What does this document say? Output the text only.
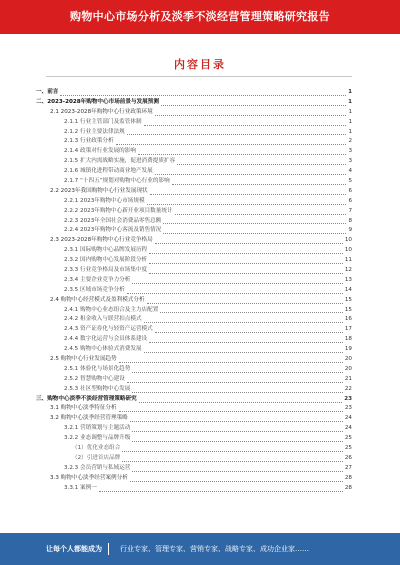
购物中心市场分析及淡季不淡经营管理策略研究报告
内容目录
一、前言	1
二、2023-2028年购物中心市场前景与发展预测	1
2.1 2023-2028年购物中心行业政策环境	1
2.1.1 行业主管部门及监管体制	1
2.1.2 行业主要法律法规	1
2.1.3 行业政策分析	2
2.1.4 政策对行业发展的影响	3
2.1.5 扩大内需战略实施，促进消费提质扩容	3
2.1.6 城镇化进程带动商业地产发展	4
2.1.7 “十四五”规划对购物中心行业的影响	5
2.2 2023年我国购物中心行业发展现状	6
2.2.1 2023年购物中心市场规模	6
2.2.2 2023年购物中心新开业项目数量统计	7
2.2.3 2023年全国社会消费品零售总额	8
2.2.4 2023年购物中心客流及销售情况	9
2.3 2023-2028年购物中心行业竞争格局	10
2.3.1 国际购物中心品牌发展历程	10
2.3.2 国内购物中心发展阶段分析	11
2.3.3 行业竞争格局及市场集中度	12
2.3.4 主要企业竞争力分析	13
2.3.5 区域市场竞争分析	14
2.4 购物中心经营模式及盈利模式分析	15
2.4.1 购物中心业态组合及主力店配置	15
2.4.2 租金收入与联营扣点模式	16
2.4.3 资产证券化与轻资产运营模式	17
2.4.4 数字化运营与会员体系建设	18
2.4.5 购物中心体验式消费发展	19
2.5 购物中心行业发展趋势	20
2.5.1 体验化与场景化趋势	20
2.5.2 智慧购物中心建设	21
2.5.3 社区型购物中心发展	22
三、购物中心淡季不淡经营管理策略研究	23
3.1 购物中心淡季特征分析	23
3.2 购物中心淡季经营管理策略	24
3.2.1 营销策划与主题活动	24
3.2.2 业态调整与品牌升级	25
（1）优化业态组合	25
（2）引进首店品牌	26
3.2.3 会员营销与私域运营	27
3.3 购物中心淡季经营案例分析	28
3.3.1 案例一	28
让每个人都能成为	行业专家、管理专家、营销专家、战略专家、成功企业家……
